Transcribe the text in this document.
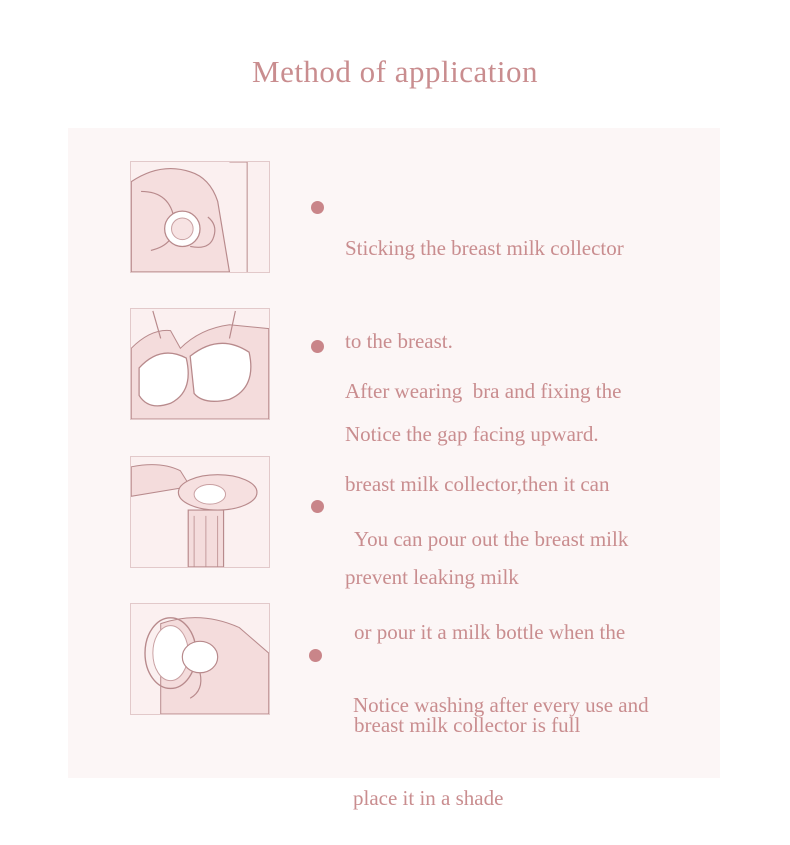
Method of application

Sticking the breast milk collector

to the breast.

Notice the gap facing upward.

After wearing  bra and fixing the

breast milk collector,then it can

prevent leaking milk

You can pour out the breast milk

or pour it a milk bottle when the

breast milk collector is full

Notice washing after every use and

place it in a shade
